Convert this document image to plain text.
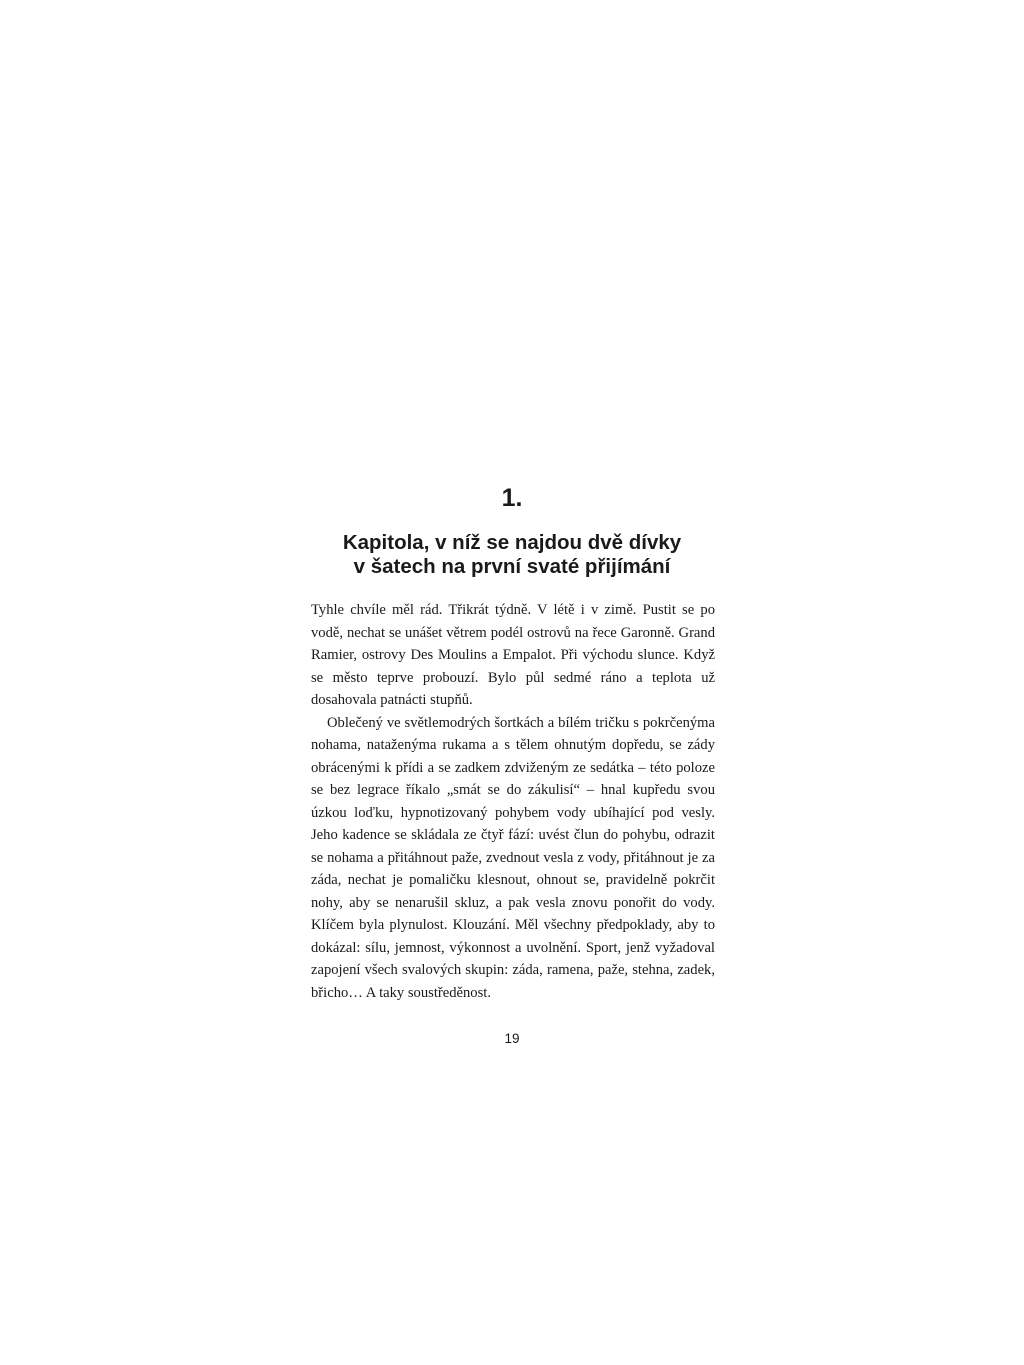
1.
Kapitola, v níž se najdou dvě dívky
v šatech na první svaté přijímání

Tyhle chvíle měl rád. Třikrát týdně. V létě i v zimě. Pustit se po vodě, nechat se unášet větrem podél ostrovů na řece Garonně. Grand Ramier, ostrovy Des Moulins a Empalot. Při východu slunce. Když se město teprve probouzí. Bylo půl sedmé ráno a teplota už dosahovala patnácti stupňů.

Oblečený ve světlemodrých šortkách a bílém tričku s pokrčenýma nohama, nataženýma rukama a s tělem ohnutým dopředu, se zády obrácenými k přídi a se zadkem zdviženým ze sedátka – této poloze se bez legrace říkalo „smát se do zákulisí“ – hnal kupředu svou úzkou loďku, hypnotizovaný pohybem vody ubíhající pod vesly. Jeho kadence se skládala ze čtyř fází: uvést člun do pohybu, odrazit se nohama a přitáhnout paže, zvednout vesla z vody, přitáhnout je za záda, nechat je pomaličku klesnout, ohnout se, pravidelně pokrčit nohy, aby se nenarušil skluz, a pak vesla znovu ponořit do vody. Klíčem byla plynulost. Klouzání. Měl všechny předpoklady, aby to dokázal: sílu, jemnost, výkonnost a uvolnění. Sport, jenž vyžadoval zapojení všech svalových skupin: záda, ramena, paže, stehna, zadek, břicho… A taky soustředěnost.

19
